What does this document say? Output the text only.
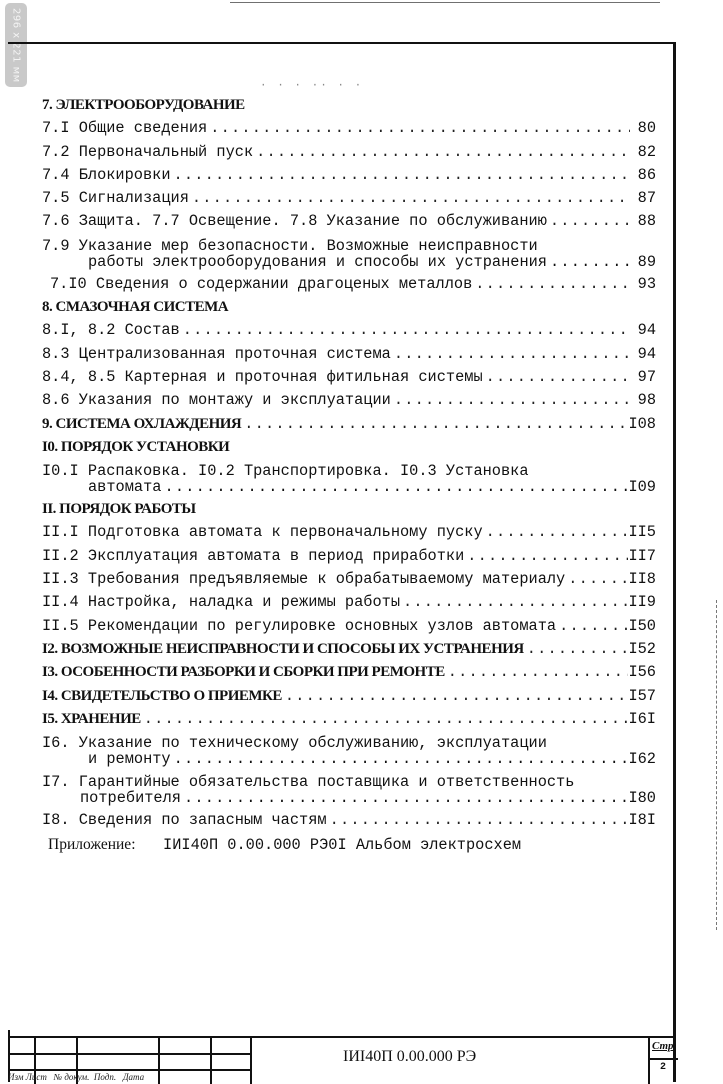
296 x 221 мм
· · · ·· · ·
7. ЭЛЕКТРООБОРУДОВАНИЕ
7.I Общие сведения .....	80
7.2 Первоначальный пуск .....	82
7.4 Блокировки .....	86
7.5 Сигнализация .....	87
7.6 Защита. 7.7 Освещение. 7.8 Указание по обслуживанию .....	88
7.9 Указание мер безопасности. Возможные неисправности
работы электрооборудования и способы их устранения .....	89
7.I0 Сведения о содержании драгоценых металлов .....	93
8. СМАЗОЧНАЯ СИСТЕМА
8.I, 8.2 Состав .....	94
8.3 Централизованная проточная система .....	94
8.4, 8.5 Картерная и проточная фитильная системы .....	97
8.6 Указания по монтажу и эксплуатации .....	98
9. СИСТЕМА ОХЛАЖДЕНИЯ .....	I08
I0. ПОРЯДОК УСТАНОВКИ
I0.I Распаковка. I0.2 Транспортировка. I0.3 Установка
автомата .....	I09
II. ПОРЯДОК РАБОТЫ
II.I Подготовка автомата к первоначальному пуску .....	II5
II.2 Эксплуатация автомата в период приработки .....	II7
II.3 Требования предъявляемые к обрабатываемому материалу .....	II8
II.4 Настройка, наладка и режимы работы .....	II9
II.5 Рекомендации по регулировке основных узлов автомата .....	I50
I2. ВОЗМОЖНЫЕ НЕИСПРАВНОСТИ И СПОСОБЫ ИХ УСТРАНЕНИЯ .....	I52
I3. ОСОБЕННОСТИ РАЗБОРКИ И СБОРКИ ПРИ РЕМОНТЕ .....	I56
I4. СВИДЕТЕЛЬСТВО О ПРИЕМКЕ .....	I57
I5. ХРАНЕНИЕ .....	I6I
I6. Указание по техническому обслуживанию, эксплуатации
и ремонту .....	I62
I7. Гарантийные обязательства поставщика и ответственность
потребителя .....	I80
I8. Сведения по запасным частям .....	I8I
Приложение: IИI40П 0.00.000 РЭ0I Альбом электросхем
Изм Лист   № докум.  Подп.   Дата
IИI40П 0.00.000 РЭ
Стр
2
